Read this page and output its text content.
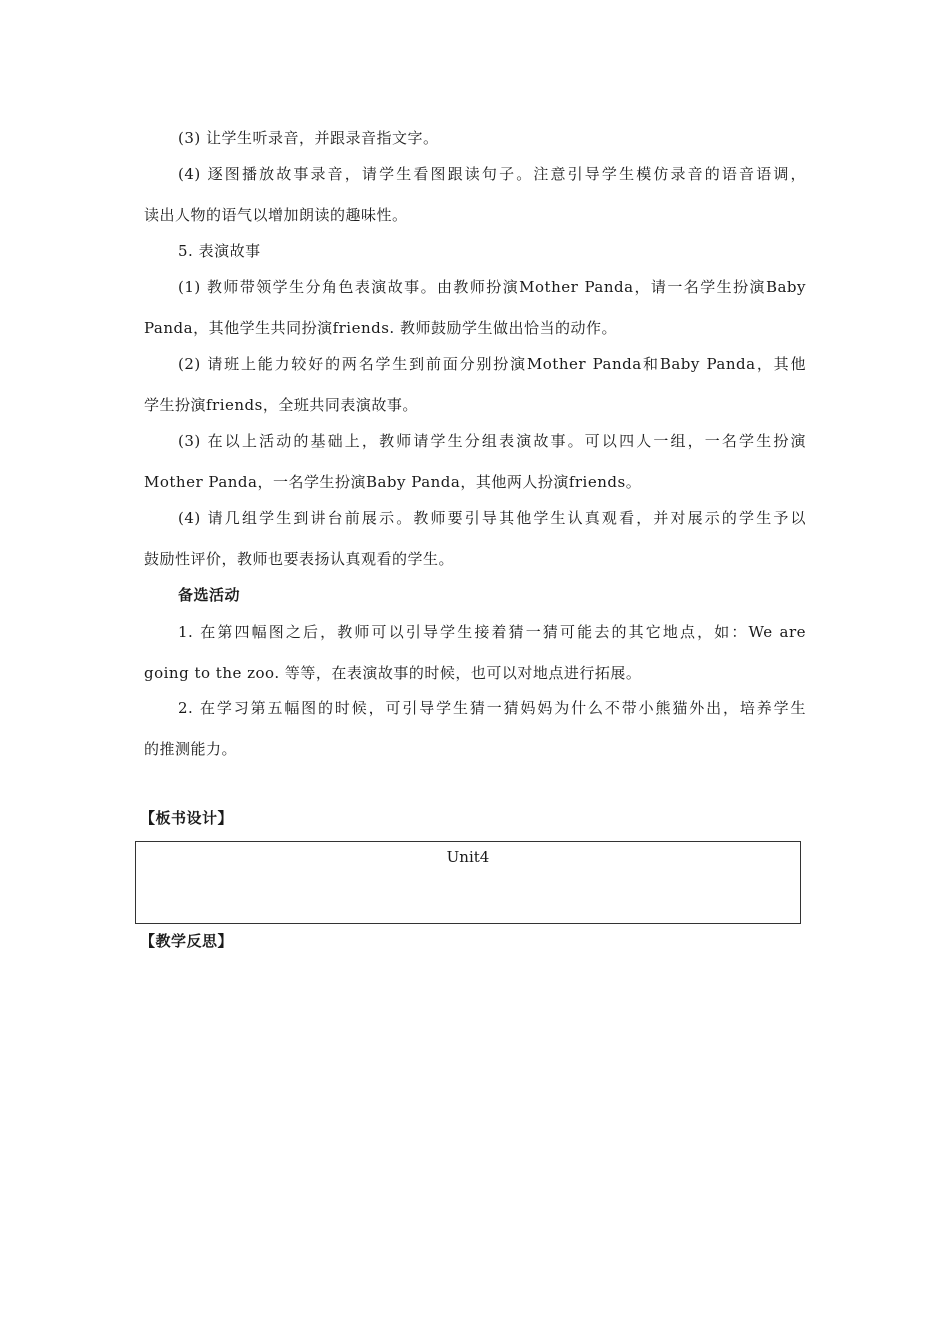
(3) 让学生听录音，并跟录音指文字。
(4) 逐图播放故事录音，请学生看图跟读句子。注意引导学生模仿录音的语音语调，
读出人物的语气以增加朗读的趣味性。
5. 表演故事
(1) 教师带领学生分角色表演故事。由教师扮演Mother Panda，请一名学生扮演Baby
Panda，其他学生共同扮演friends. 教师鼓励学生做出恰当的动作。
(2) 请班上能力较好的两名学生到前面分别扮演Mother Panda和Baby Panda，其他
学生扮演friends，全班共同表演故事。
(3) 在以上活动的基础上，教师请学生分组表演故事。可以四人一组，一名学生扮演
Mother Panda，一名学生扮演Baby Panda，其他两人扮演friends。
(4) 请几组学生到讲台前展示。教师要引导其他学生认真观看，并对展示的学生予以
鼓励性评价，教师也要表扬认真观看的学生。
备选活动
1. 在第四幅图之后，教师可以引导学生接着猜一猜可能去的其它地点，如：We are
going to the zoo. 等等，在表演故事的时候，也可以对地点进行拓展。
2. 在学习第五幅图的时候，可引导学生猜一猜妈妈为什么不带小熊猫外出，培养学生
的推测能力。
【板书设计】
Unit4
【教学反思】
